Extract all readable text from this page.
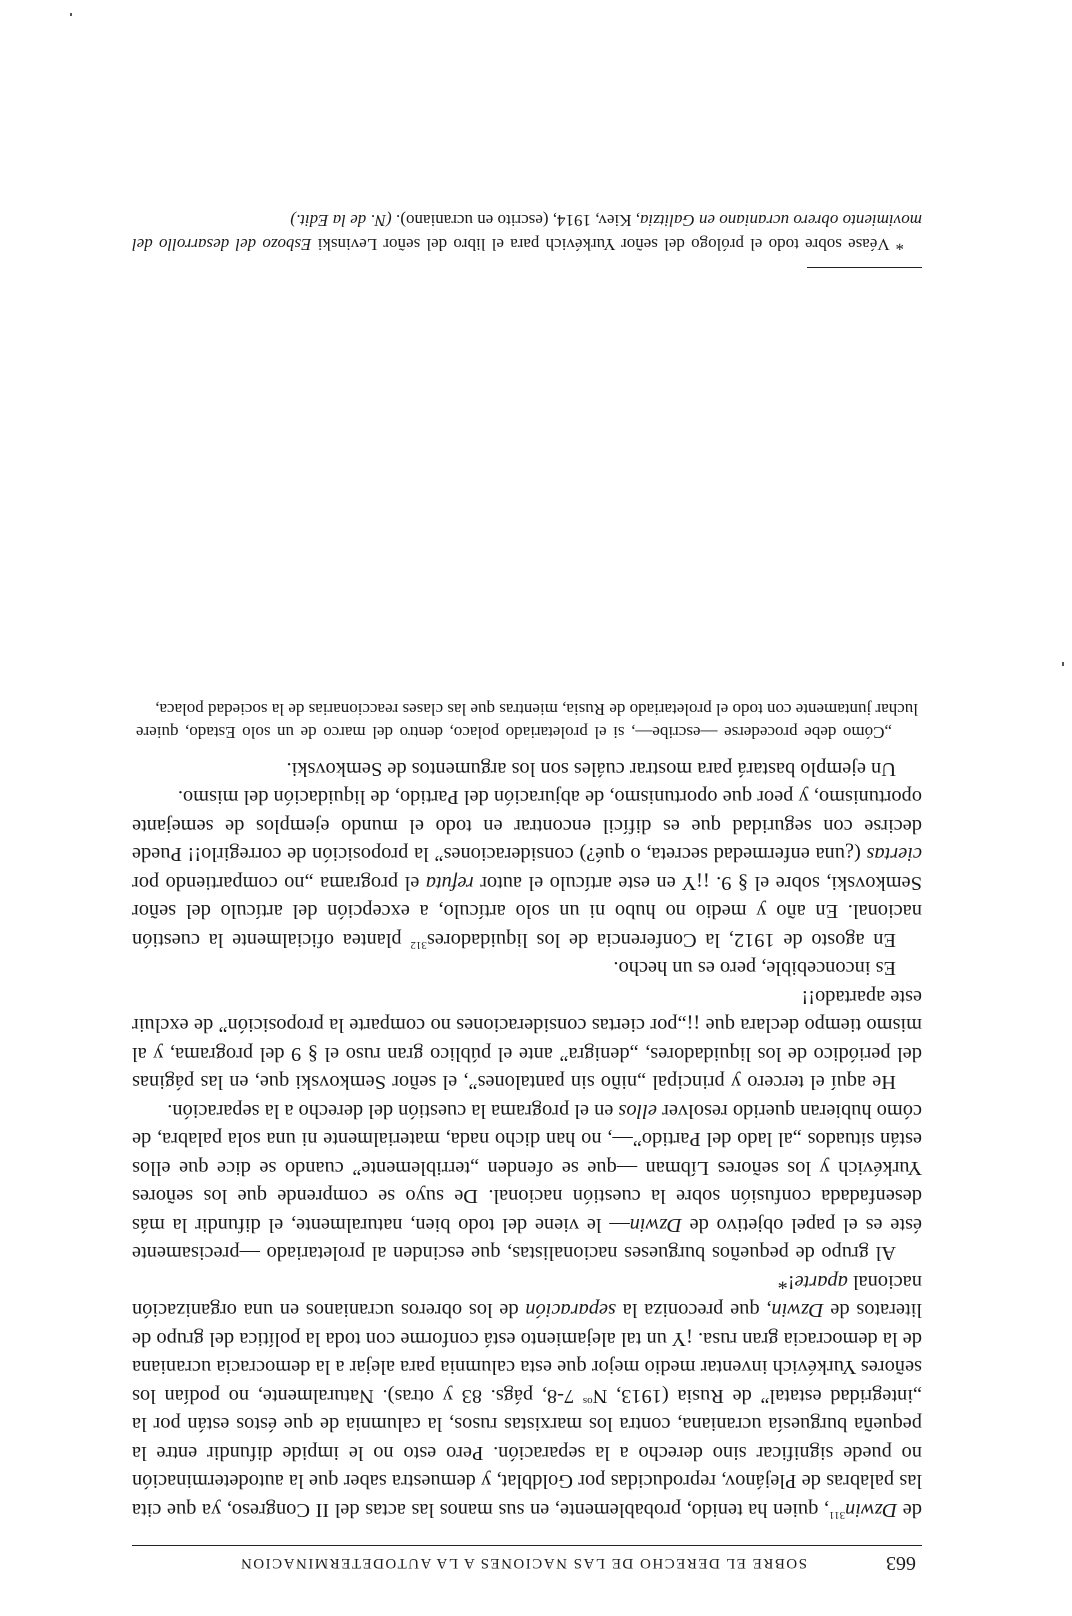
663
SOBRE EL DERECHO DE LAS NACIONES A LA AUTODETERMINACION

de Dzwin$^{311}$, quien ha tenido, probablemente, en sus manos las actas del II Congreso, ya que cita las palabras de Plejánov, reproducidas por Goldblat, y demuestra saber que la autodeterminación no puede significar sino derecho a la separación. Pero esto no le impide difundir entre la pequeña burguesía ucraniana, contra los marxistas rusos, la calumnia de que éstos están por la „integridad estatal” de Rusia (1913, $N^{os}$ 7-8, págs. 83 y otras). Naturalmente, no podían los señores Yurkévich inventar medio mejor que esta calumnia para alejar a la democracia ucraniana de la democracia gran rusa. ¡Y un tal alejamiento está conforme con toda la política del grupo de literatos de Dzwin, que preconiza la separación de los obreros ucranianos en una organización nacional aparte!*

Al grupo de pequeños burgueses nacionalistas, que escinden al proletariado —precisamente éste es el papel objetivo de Dzwin— le viene del todo bien, naturalmente, el difundir la más desenfadada confusión sobre la cuestión nacional. De suyo se comprende que los señores Yurkévich y los señores Líbman —que se ofenden „terriblemente” cuando se dice que ellos están situados „al lado del Partido”—, no han dicho nada, materialmente ni una sola palabra, de cómo hubieran querido resolver ellos en el programa la cuestión del derecho a la separación.

He aquí el tercero y principal „niño sin pantalones”, el señor Semkovski que, en las páginas del periódico de los liquidadores, „denigra” ante el público gran ruso el § 9 del programa, y al mismo tiempo declara que ¡¡„por ciertas consideraciones no comparte la proposición” de excluir este apartado!!

Es inconcebible, pero es un hecho.

En agosto de 1912, la Conferencia de los liquidadores$^{312}$ plantea oficialmente la cuestión nacional. En año y medio no hubo ni un solo artículo, a excepción del artículo del señor Semkovski, sobre el § 9. ¡¡Y en este artículo el autor refuta el programa „no compartiendo por ciertas (¿una enfermedad secreta, o qué?) consideraciones” la proposición de corregirlo!! Puede decirse con seguridad que es difícil encontrar en todo el mundo ejemplos de semejante oportunismo, y peor que oportunismo, de abjuración del Partido, de liquidación del mismo.

Un ejemplo bastará para mostrar cuáles son los argumentos de Semkovski.

„Cómo debe procederse —escribe—, si el proletariado polaco, dentro del marco de un solo Estado, quiere luchar juntamente con todo el proletariado de Rusia, mientras que las clases reaccionarias de la sociedad polaca,

* Véase sobre todo el prólogo del señor Yurkévich para el libro del señor Levinski Esbozo del desarrollo del movimiento obrero ucraniano en Galitzia, Kiev, 1914, (escrito en ucraniano). (N. de la Edit.)
